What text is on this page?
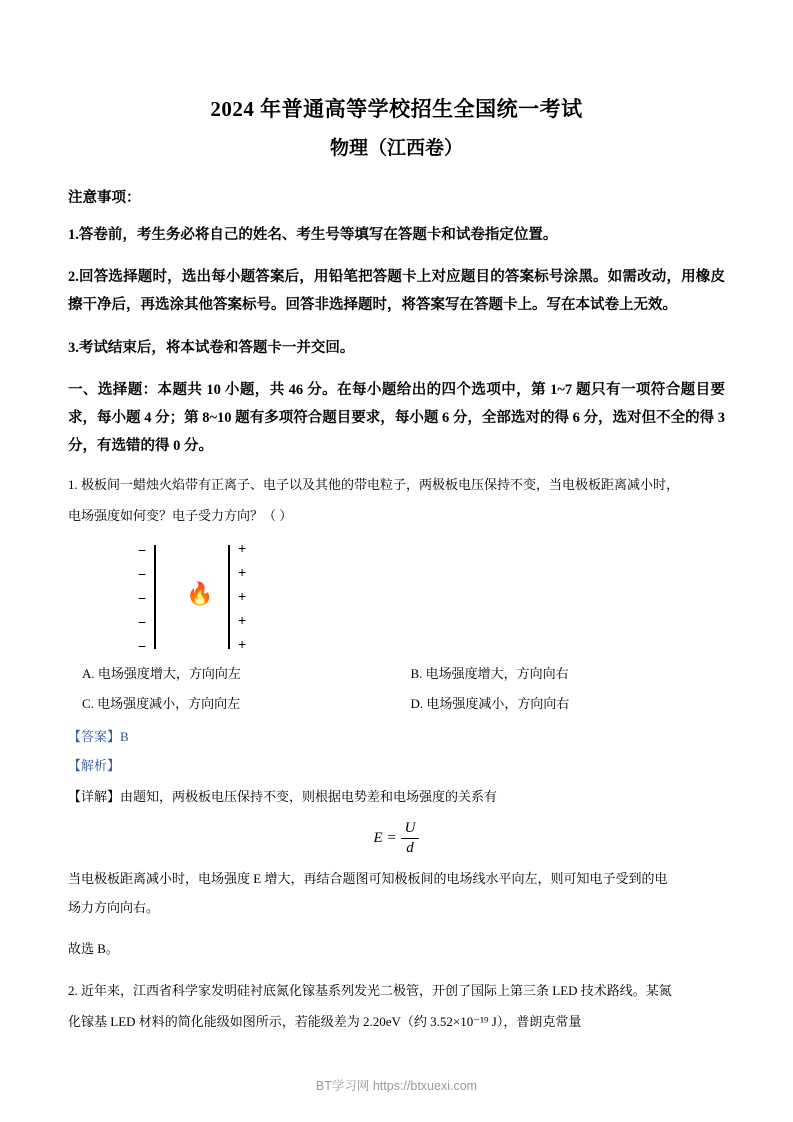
2024 年普通高等学校招生全国统一考试
物理（江西卷）
注意事项：
1.答卷前，考生务必将自己的姓名、考生号等填写在答题卡和试卷指定位置。
2.回答选择题时，选出每小题答案后，用铅笔把答题卡上对应题目的答案标号涂黑。如需改动，用橡皮擦干净后，再选涂其他答案标号。回答非选择题时，将答案写在答题卡上。写在本试卷上无效。
3.考试结束后，将本试卷和答题卡一并交回。
一、选择题：本题共 10 小题，共 46 分。在每小题给出的四个选项中，第 1~7 题只有一项符合题目要求，每小题 4 分；第 8~10 题有多项符合题目要求，每小题 6 分，全部选对的得 6 分，选对但不全的得 3 分，有选错的得 0 分。
1. 极板间一蜡烛火焰带有正离子、电子以及其他的带电粒子，两极板电压保持不变，当电极板距离减小时，
电场强度如何变？电子受力方向？（ ）
−
−
−
−
−
+
+
+
+
+
🔥
A. 电场强度增大，方向向左	B. 电场强度增大，方向向右
C. 电场强度减小，方向向左	D. 电场强度减小，方向向右
【答案】B
【解析】
【详解】由题知，两极板电压保持不变，则根据电势差和电场强度的关系有
$E = \frac{U}{d}$
当电极板距离减小时，电场强度 E 增大，再结合题图可知极板间的电场线水平向左，则可知电子受到的电
场力方向向右。
故选 B。
2. 近年来，江西省科学家发明硅衬底氮化镓基系列发光二极管，开创了国际上第三条 LED 技术路线。某氮
化镓基 LED 材料的简化能级如图所示，若能级差为 2.20eV（约 3.52×10⁻¹⁹ J），普朗克常量
BT学习网 https://btxuexi.com
